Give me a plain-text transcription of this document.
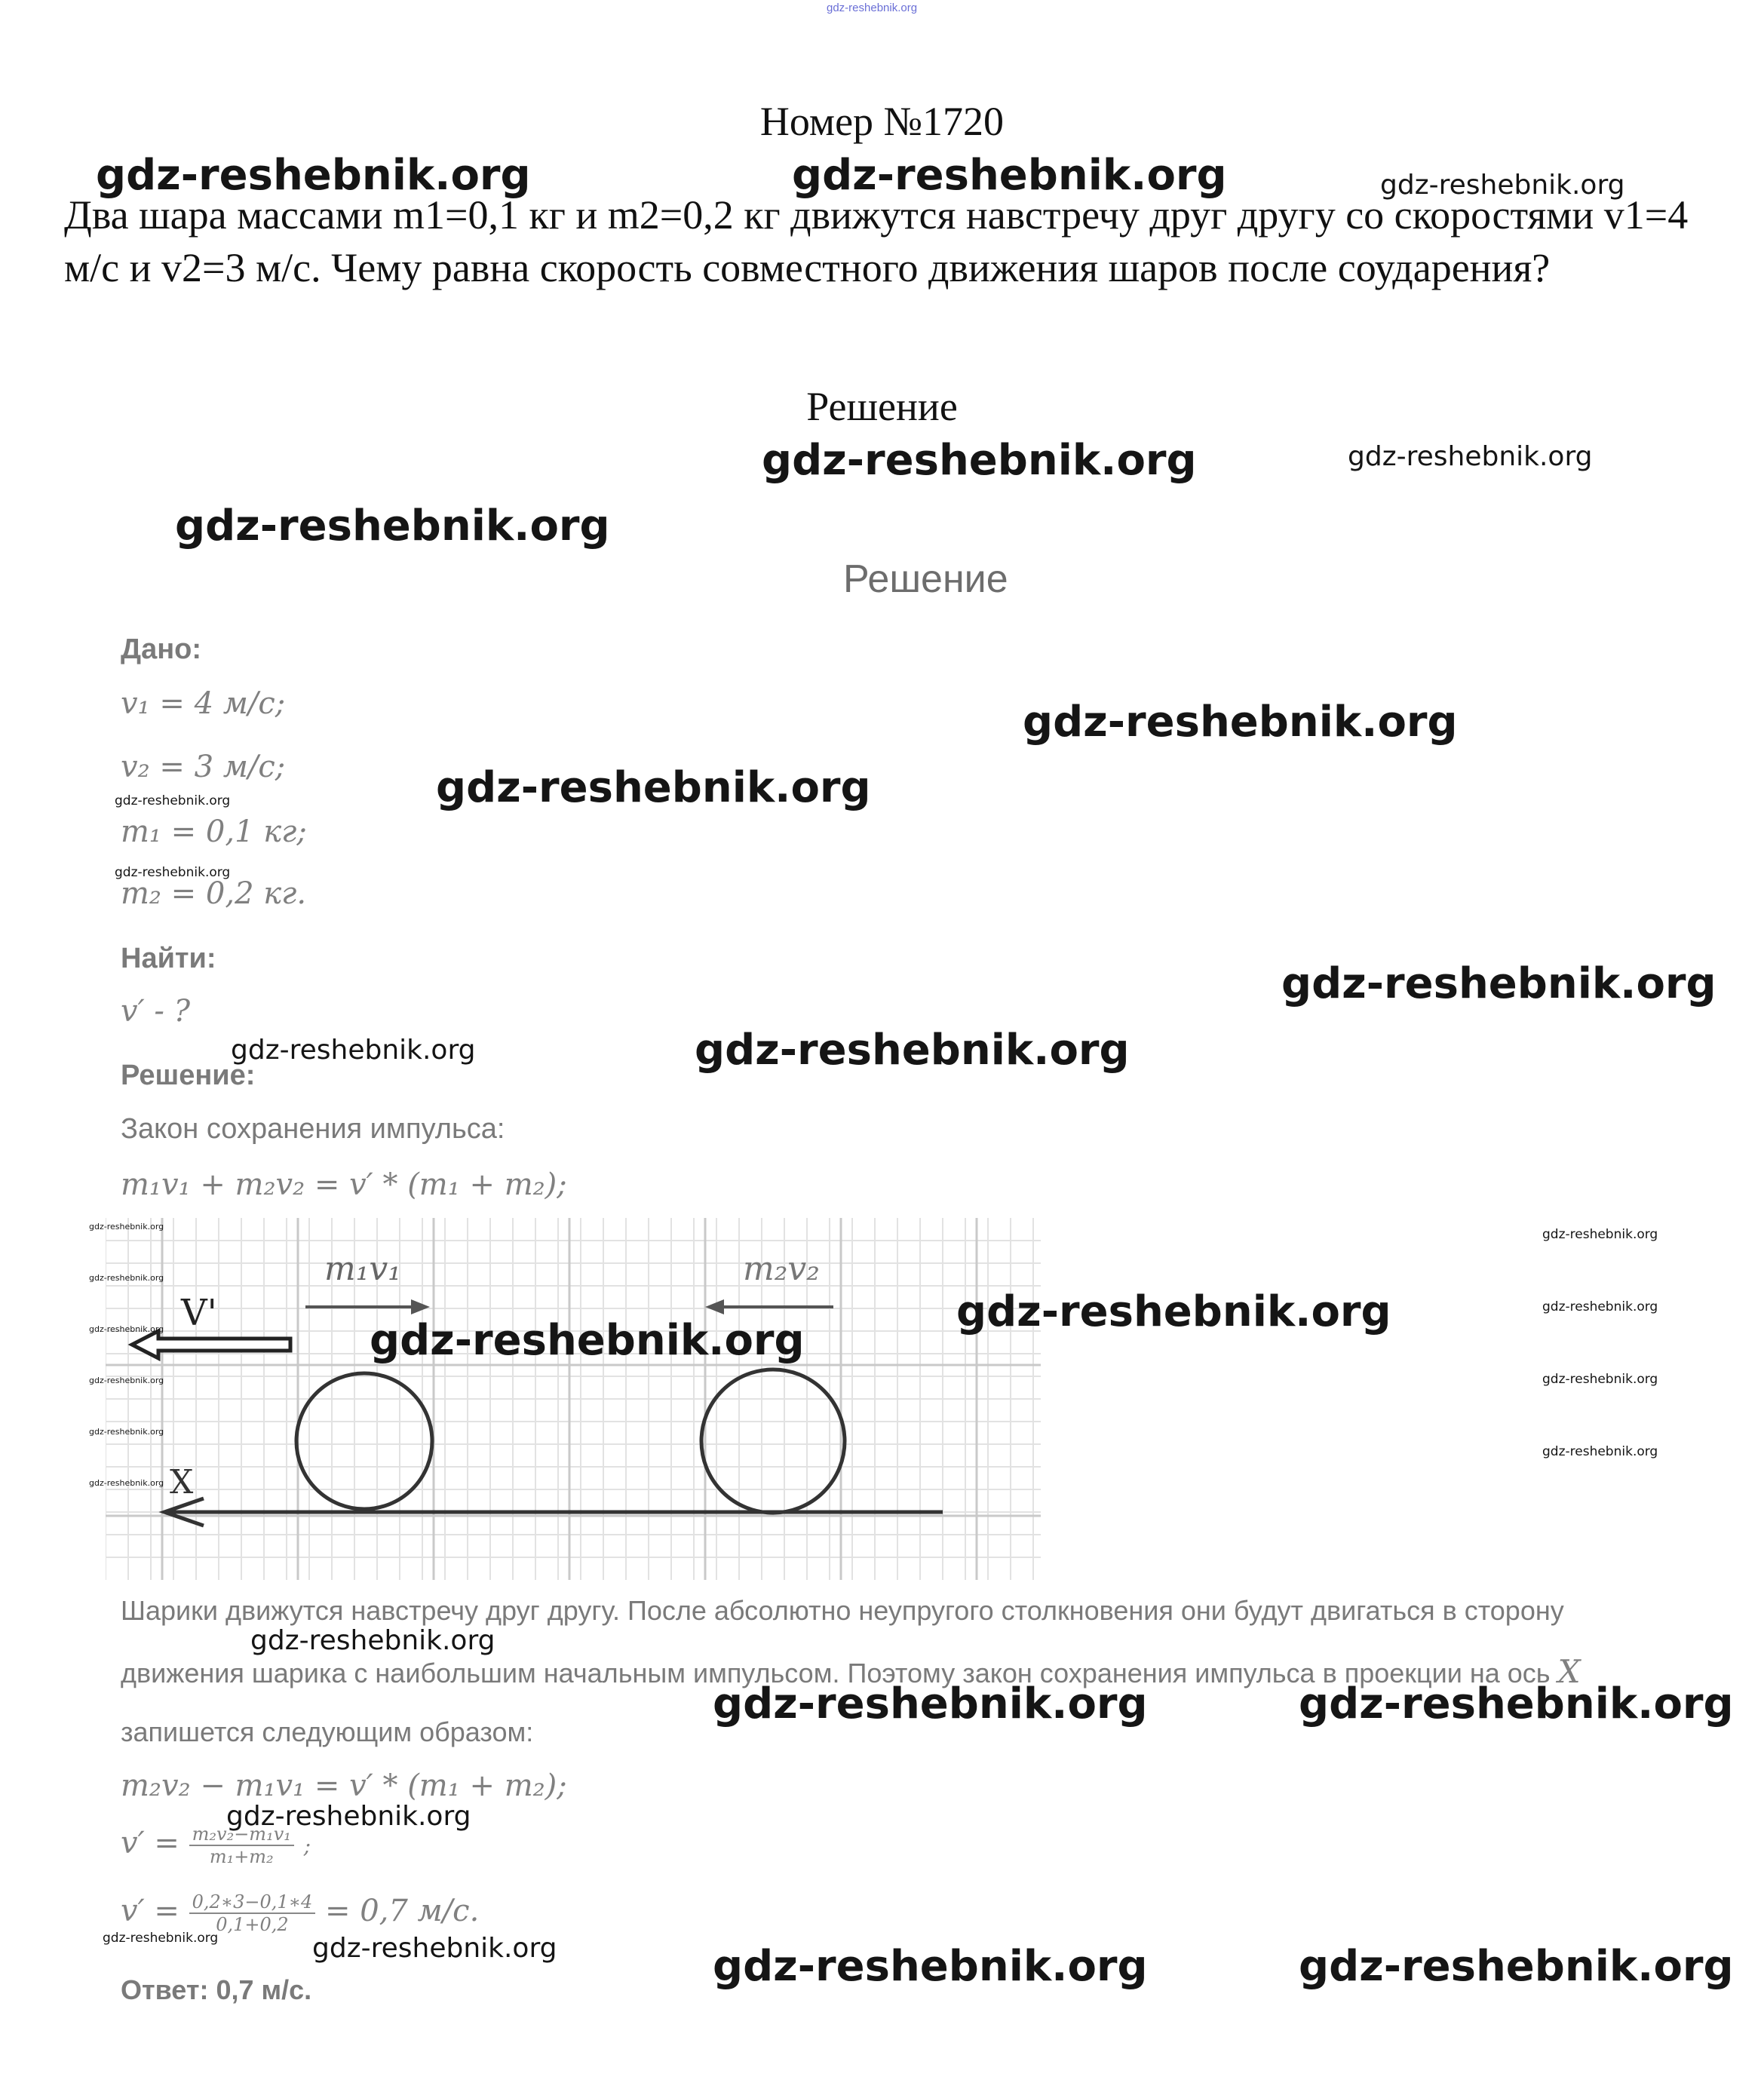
gdz-reshebnik.org
Номер №1720
Два шара массами m1=0,1 кг и m2=0,2 кг движутся навстречу друг другу со скоростями v1=4 м/с и v2=3 м/с. Чему равна скорость совместного движения шаров после соударения?
Решение
Решение
Дано:
v₁ = 4 м/с;
v₂ = 3 м/с;
m₁ = 0,1 кг;
m₂ = 0,2 кг.
Найти:
v′ - ?
Решение:
Закон сохранения импульса:
m₁v₁ + m₂v₂ = v′ * (m₁ + m₂);
V'
m₁v₁	m₂v₂
X
Шарики движутся навстречу друг другу. После абсолютно неупругого столкновения они будут двигаться в сторону
движения шарика с наибольшим начальным импульсом. Поэтому закон сохранения импульса в проекции на ось X
запишется следующим образом:
m₂v₂ − m₁v₁ = v′ * (m₁ + m₂);
$v' = \frac{\text{m₂v₂−m₁v₁}}{\text{m₁+m₂}}$ ;
$v' = \frac{0,2∗3-0,1∗4}{0,1+0,2} = 0,7$ м/с.
Ответ: 0,7 м/с.
gdz-reshebnik.org	gdz-reshebnik.org	gdz-reshebnik.org
gdz-reshebnik.org	gdz-reshebnik.org
gdz-reshebnik.org
gdz-reshebnik.org
gdz-reshebnik.org
gdz-reshebnik.org
gdz-reshebnik.org
gdz-reshebnik.org
gdz-reshebnik.org	gdz-reshebnik.org
gdz-reshebnik.org
gdz-reshebnik.org
gdz-reshebnik.org
gdz-reshebnik.org
gdz-reshebnik.org
gdz-reshebnik.org
gdz-reshebnik.org
gdz-reshebnik.org
gdz-reshebnik.org
gdz-reshebnik.org
gdz-reshebnik.org
gdz-reshebnik.org
gdz-reshebnik.org
gdz-reshebnik.org	gdz-reshebnik.org
gdz-reshebnik.org
gdz-reshebnik.org	gdz-reshebnik.org	gdz-reshebnik.org	gdz-reshebnik.org
